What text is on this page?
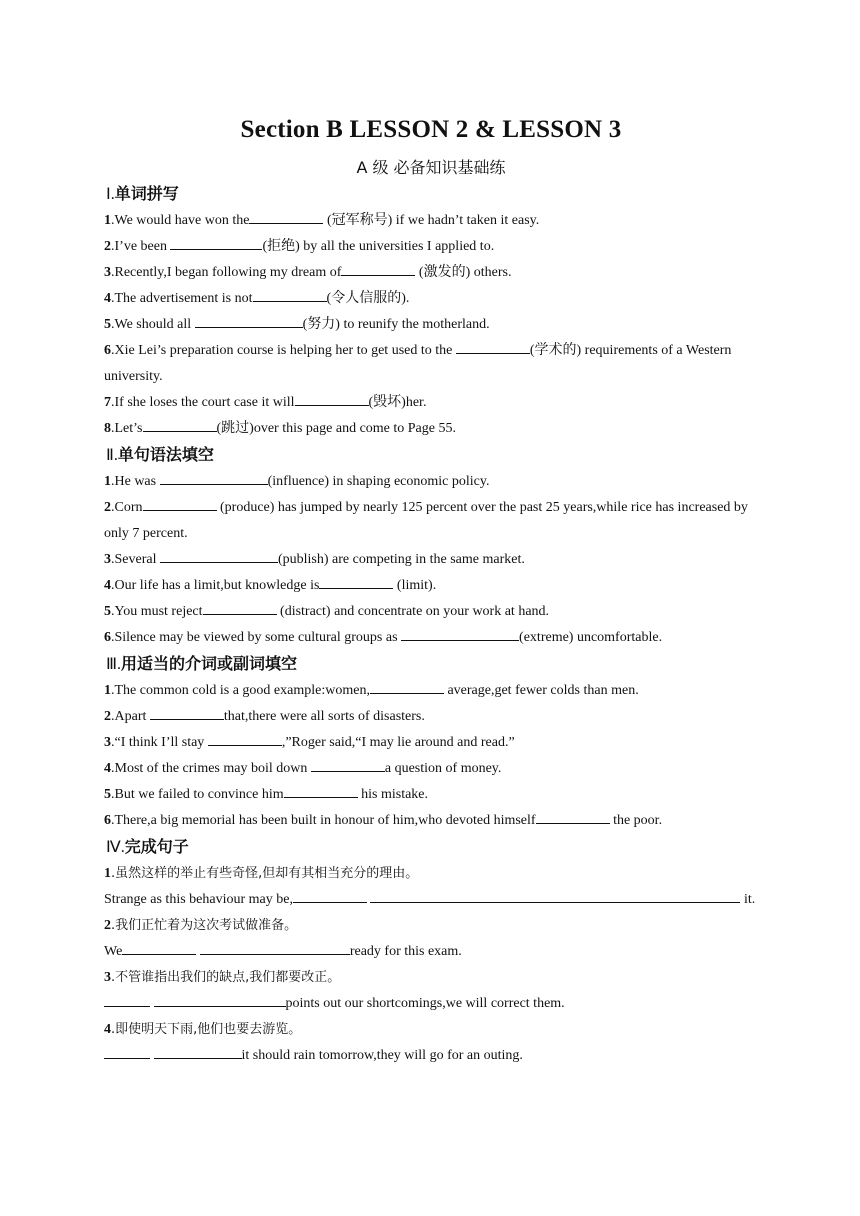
Section B LESSON 2 & LESSON 3
A 级 必备知识基础练
Ⅰ.单词拼写
1.We would have won the	(冠军称号) if we hadn’t taken it easy.
2.I’ve been	(拒绝) by all the universities I applied to.
3.Recently,I began following my dream of	(激发的) others.
4.The advertisement is not	(令人信服的).
5.We should all	(努力) to reunify the motherland.
6.Xie Lei’s preparation course is helping her to get used to the	(学术的) requirements of a Western university.
7.If she loses the court case it will	(毁坏)her.
8.Let’s	(跳过)over this page and come to Page 55.
Ⅱ.单句语法填空
1.He was	(influence) in shaping economic policy.
2.Corn	(produce) has jumped by nearly 125 percent over the past 25 years,while rice has increased by only 7 percent.
3.Several	(publish) are competing in the same market.
4.Our life has a limit,but knowledge is	(limit).
5.You must reject	(distract) and concentrate on your work at hand.
6.Silence may be viewed by some cultural groups as	(extreme) uncomfortable.
Ⅲ.用适当的介词或副词填空
1.The common cold is a good example:women,	average,get fewer colds than men.
2.Apart	that,there were all sorts of disasters.
3.“I think I’ll stay	,”Roger said,“I may lie around and read.”
4.Most of the crimes may boil down	a question of money.
5.But we failed to convince him	his mistake.
6.There,a big memorial has been built in honour of him,who devoted himself	the poor.
Ⅳ.完成句子
1.虽然这样的举止有些奇怪,但却有其相当充分的理由。
Strange as this behaviour may be,	it.
2.我们正忙着为这次考试做准备。
We	ready for this exam.
3.不管谁指出我们的缺点,我们都要改正。
points out our shortcomings,we will correct them.
4.即使明天下雨,他们也要去游览。
it should rain tomorrow,they will go for an outing.
